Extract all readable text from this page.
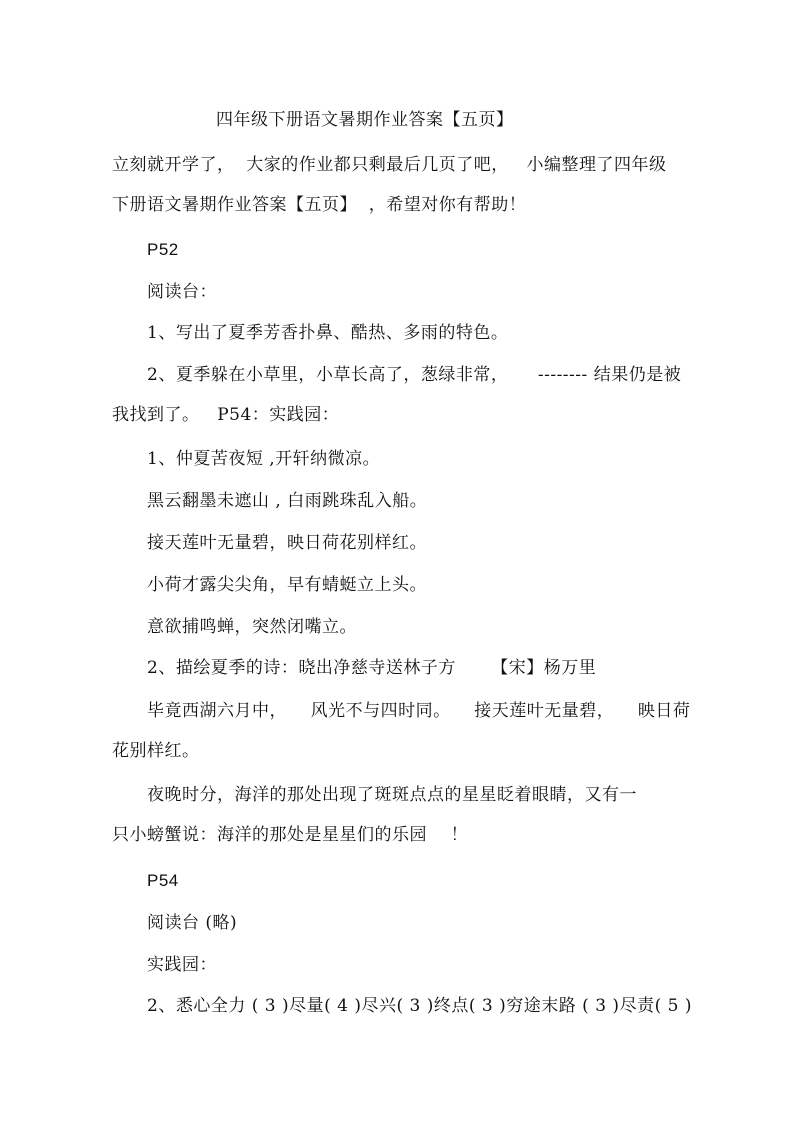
四年级下册语文暑期作业答案【五页】
立刻就开学了，  大家的作业都只剩最后几页了吧，   小编整理了四年级
下册语文暑期作业答案【五页】  ，希望对你有帮助！
P52
阅读台：
1、写出了夏季芳香扑鼻、酷热、多雨的特色。
2、夏季躲在小草里，小草长高了，葱绿非常，     -------- 结果仍是被
我找到了。   P54：实践园：
1、仲夏苦夜短 ,开轩纳微凉。
黑云翻墨未遮山 , 白雨跳珠乱入船。
接天莲叶无量碧，映日荷花别样红。
小荷才露尖尖角，早有蜻蜓立上头。
意欲捕鸣蝉，突然闭嘴立。
2、描绘夏季的诗：晓出净慈寺送林子方      【宋】杨万里
毕竟西湖六月中，    风光不与四时同。    接天莲叶无量碧，    映日荷
花别样红。
夜晚时分，海洋的那处出现了斑斑点点的星星眨着眼睛，又有一
只小螃蟹说：海洋的那处是星星们的乐园    ！
P54
阅读台 (略)
实践园：
2、悉心全力 ( 3 )尽量( 4 )尽兴( 3 )终点( 3 )穷途末路 ( 3 )尽责( 5 )
